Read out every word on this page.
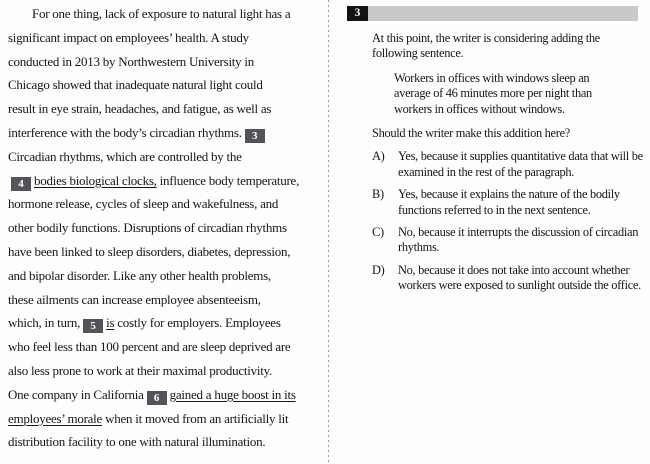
For one thing, lack of exposure to natural light has a
significant impact on employees’ health. A study
conducted in 2013 by Northwestern University in
Chicago showed that inadequate natural light could
result in eye strain, headaches, and fatigue, as well as
interference with the body’s circadian rhythms. 3
Circadian rhythms, which are controlled by the
4 bodies biological clocks, influence body temperature,
hormone release, cycles of sleep and wakefulness, and
other bodily functions. Disruptions of circadian rhythms
have been linked to sleep disorders, diabetes, depression,
and bipolar disorder. Like any other health problems,
these ailments can increase employee absenteeism,
which, in turn, 5 is costly for employers. Employees
who feel less than 100 percent and are sleep deprived are
also less prone to work at their maximal productivity.
One company in California 6 gained a huge boost in its
employees’ morale when it moved from an artificially lit
distribution facility to one with natural illumination.
3

At this point, the writer is considering adding the following sentence.

Workers in offices with windows sleep an average of 46 minutes more per night than workers in offices without windows.

Should the writer make this addition here?

A)	Yes, because it supplies quantitative data that will be examined in the rest of the paragraph.
B)	Yes, because it explains the nature of the bodily functions referred to in the next sentence.
C)	No, because it interrupts the discussion of circadian rhythms.
D)	No, because it does not take into account whether workers were exposed to sunlight outside the office.
